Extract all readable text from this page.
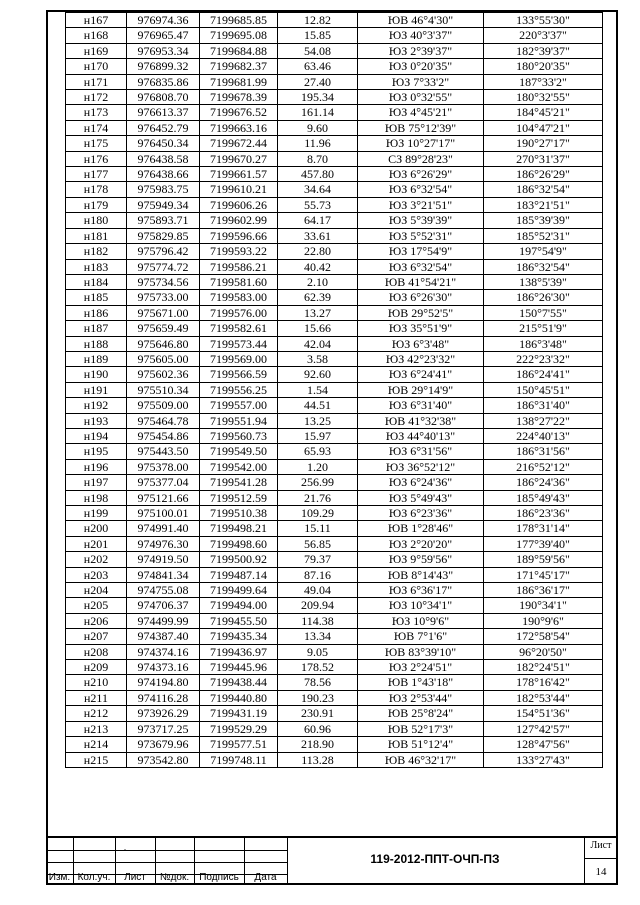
н167	976974.36	7199685.85	12.82	ЮВ 46°4'30"	133°55'30"
н168	976965.47	7199695.08	15.85	ЮЗ 40°3'37"	220°3'37"
н169	976953.34	7199684.88	54.08	ЮЗ 2°39'37"	182°39'37"
н170	976899.32	7199682.37	63.46	ЮЗ 0°20'35"	180°20'35"
н171	976835.86	7199681.99	27.40	ЮЗ 7°33'2"	187°33'2"
н172	976808.70	7199678.39	195.34	ЮЗ 0°32'55"	180°32'55"
н173	976613.37	7199676.52	161.14	ЮЗ 4°45'21"	184°45'21"
н174	976452.79	7199663.16	9.60	ЮВ 75°12'39"	104°47'21"
н175	976450.34	7199672.44	11.96	ЮЗ 10°27'17"	190°27'17"
н176	976438.58	7199670.27	8.70	СЗ 89°28'23"	270°31'37"
н177	976438.66	7199661.57	457.80	ЮЗ 6°26'29"	186°26'29"
н178	975983.75	7199610.21	34.64	ЮЗ 6°32'54"	186°32'54"
н179	975949.34	7199606.26	55.73	ЮЗ 3°21'51"	183°21'51"
н180	975893.71	7199602.99	64.17	ЮЗ 5°39'39"	185°39'39"
н181	975829.85	7199596.66	33.61	ЮЗ 5°52'31"	185°52'31"
н182	975796.42	7199593.22	22.80	ЮЗ 17°54'9"	197°54'9"
н183	975774.72	7199586.21	40.42	ЮЗ 6°32'54"	186°32'54"
н184	975734.56	7199581.60	2.10	ЮВ 41°54'21"	138°5'39"
н185	975733.00	7199583.00	62.39	ЮЗ 6°26'30"	186°26'30"
н186	975671.00	7199576.00	13.27	ЮВ 29°52'5"	150°7'55"
н187	975659.49	7199582.61	15.66	ЮЗ 35°51'9"	215°51'9"
н188	975646.80	7199573.44	42.04	ЮЗ 6°3'48"	186°3'48"
н189	975605.00	7199569.00	3.58	ЮЗ 42°23'32"	222°23'32"
н190	975602.36	7199566.59	92.60	ЮЗ 6°24'41"	186°24'41"
н191	975510.34	7199556.25	1.54	ЮВ 29°14'9"	150°45'51"
н192	975509.00	7199557.00	44.51	ЮЗ 6°31'40"	186°31'40"
н193	975464.78	7199551.94	13.25	ЮВ 41°32'38"	138°27'22"
н194	975454.86	7199560.73	15.97	ЮЗ 44°40'13"	224°40'13"
н195	975443.50	7199549.50	65.93	ЮЗ 6°31'56"	186°31'56"
н196	975378.00	7199542.00	1.20	ЮЗ 36°52'12"	216°52'12"
н197	975377.04	7199541.28	256.99	ЮЗ 6°24'36"	186°24'36"
н198	975121.66	7199512.59	21.76	ЮЗ 5°49'43"	185°49'43"
н199	975100.01	7199510.38	109.29	ЮЗ 6°23'36"	186°23'36"
н200	974991.40	7199498.21	15.11	ЮВ 1°28'46"	178°31'14"
н201	974976.30	7199498.60	56.85	ЮЗ 2°20'20"	177°39'40"
н202	974919.50	7199500.92	79.37	ЮЗ 9°59'56"	189°59'56"
н203	974841.34	7199487.14	87.16	ЮВ 8°14'43"	171°45'17"
н204	974755.08	7199499.64	49.04	ЮЗ 6°36'17"	186°36'17"
н205	974706.37	7199494.00	209.94	ЮЗ 10°34'1"	190°34'1"
н206	974499.99	7199455.50	114.38	ЮЗ 10°9'6"	190°9'6"
н207	974387.40	7199435.34	13.34	ЮВ 7°1'6"	172°58'54"
н208	974374.16	7199436.97	9.05	ЮВ 83°39'10"	96°20'50"
н209	974373.16	7199445.96	178.52	ЮЗ 2°24'51"	182°24'51"
н210	974194.80	7199438.44	78.56	ЮВ 1°43'18"	178°16'42"
н211	974116.28	7199440.80	190.23	ЮЗ 2°53'44"	182°53'44"
н212	973926.29	7199431.19	230.91	ЮВ 25°8'24"	154°51'36"
н213	973717.25	7199529.29	60.96	ЮВ 52°17'3"	127°42'57"
н214	973679.96	7199577.51	218.90	ЮВ 51°12'4"	128°47'56"
н215	973542.80	7199748.11	113.28	ЮВ 46°32'17"	133°27'43"
.
Изм. Кол.уч.	Лист	№док.	Подпись	Дата
119-2012-ППТ-ОЧП-ПЗ
Лист
14
